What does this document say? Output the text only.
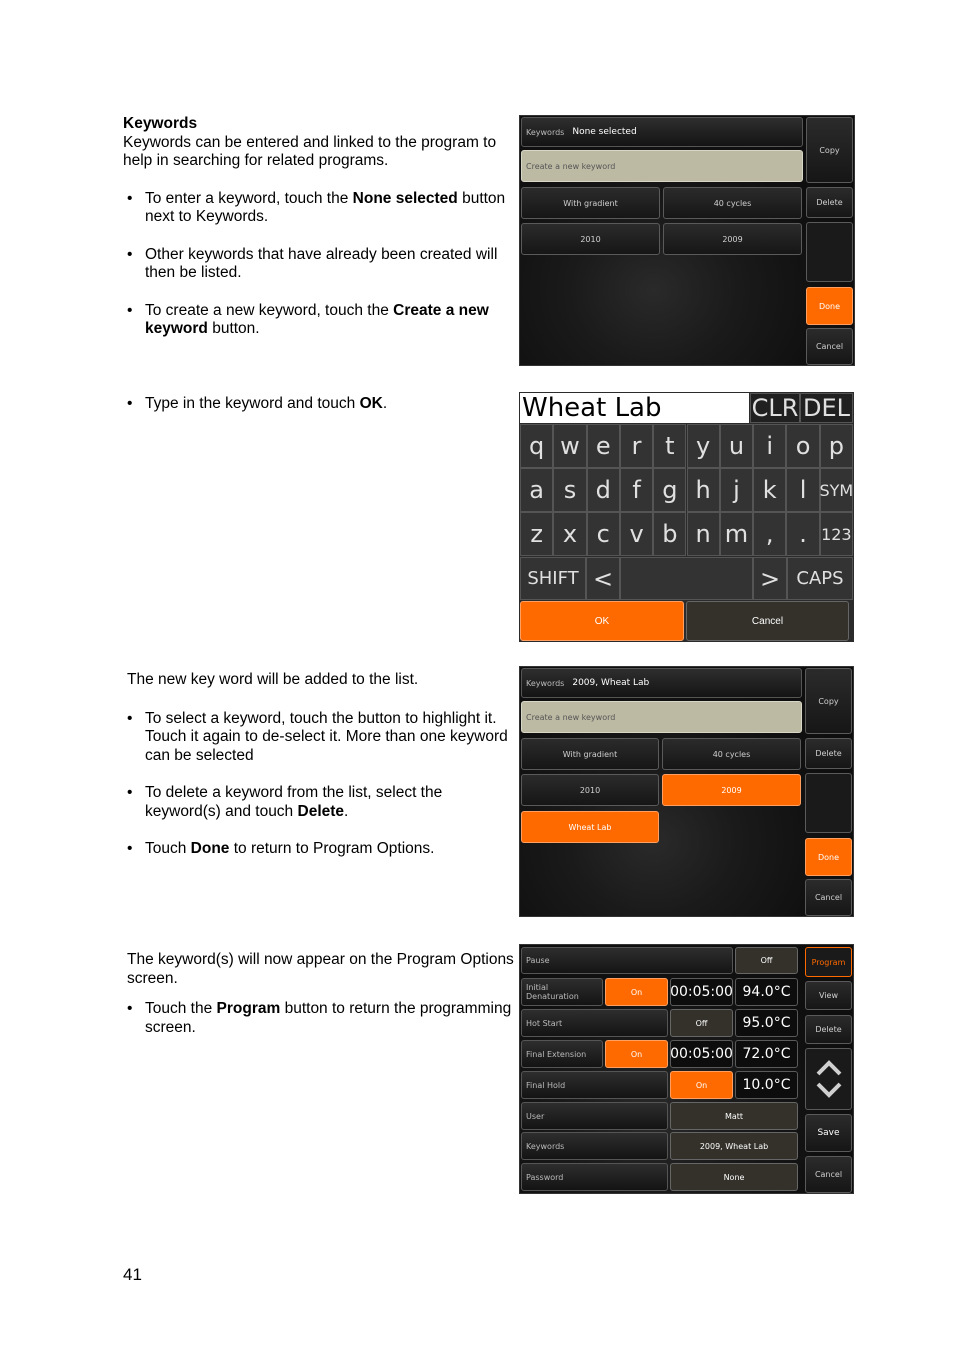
Keywords

Keywords can be entered and linked to the program to help in searching for related programs.

• To enter a keyword, touch the None selected button next to Keywords.

• Other keywords that have already been created will then be listed.

• To create a new keyword, touch the Create a new keyword button.

Keywords None selected
Create a new keyword
With gradient	40 cycles
2010	2009
Copy
Delete
Done
Cancel

• Type in the keyword and touch OK.	Wheat Lab	CLR DEL
q w e r t y u i o p
a s d f g h j k l SYM
z x c v b n m ,	. 123
SHIFT <	> CAPS
OK	Cancel

The new key word will be added to the list.

• To select a keyword, touch the button to highlight it. Touch it again to de-select it. More than one keyword can be selected

• To delete a keyword from the list, select the keyword(s) and touch Delete.

• Touch Done to return to Program Options.

Keywords 2009, Wheat Lab
Create a new keyword
With gradient	40 cycles
2010	2009
Wheat Lab
Copy
Delete
Done
Cancel

The keyword(s) will now appear on the Program Options screen.

• Touch the Program button to return the programming screen.

Pause	Off
Initial Denaturation	On	00:05:00 94.0°C
Hot Start	Off	95.0°C
Final Extension	On	00:05:00 72.0°C
Final Hold	On	10.0°C
User	Matt
Keywords	2009, Wheat Lab
Password	None
Program
View
Delete
Save
Cancel
41
